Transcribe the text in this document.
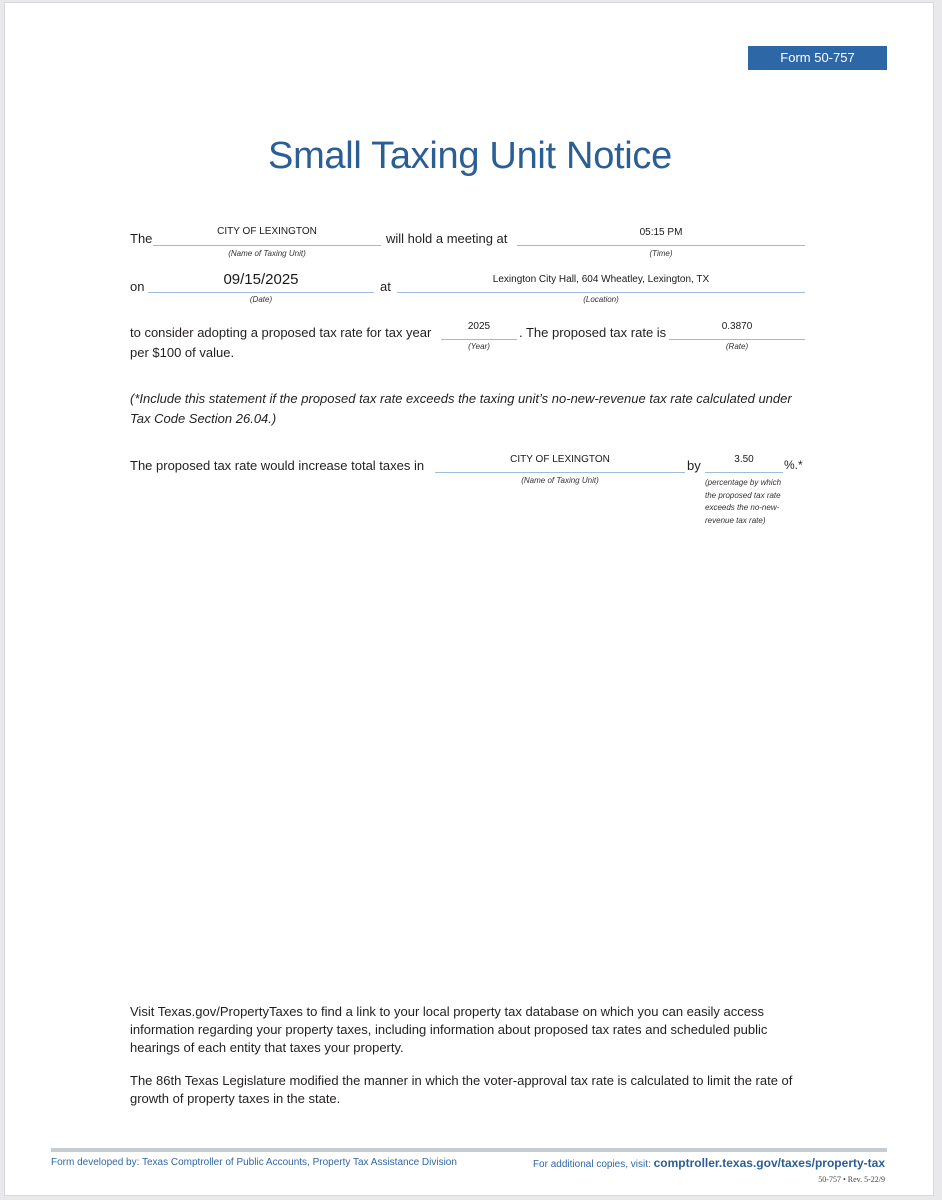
Form 50-757
Small Taxing Unit Notice
The	CITY OF LEXINGTON
(Name of Taxing Unit)
will hold a meeting at	05:15 PM
(Time)
on	09/15/2025
(Date)
at	Lexington City Hall, 604 Wheatley, Lexington, TX
(Location)
to consider adopting a proposed tax rate for tax year	2025
(Year)
. The proposed tax rate is	0.3870
(Rate)
per $100 of value.
(*Include this statement if the proposed tax rate exceeds the taxing unit’s no-new-revenue tax rate calculated under Tax Code Section 26.04.)
The proposed tax rate would increase total taxes in	CITY OF LEXINGTON
(Name of Taxing Unit)
by	3.50	%.*
(percentage by which the proposed tax rate exceeds the no-new-revenue tax rate)
Visit Texas.gov/PropertyTaxes to find a link to your local property tax database on which you can easily access information regarding your property taxes, including information about proposed tax rates and scheduled public hearings of each entity that taxes your property.
The 86th Texas Legislature modified the manner in which the voter-approval tax rate is calculated to limit the rate of growth of property taxes in the state.
Form developed by: Texas Comptroller of Public Accounts, Property Tax Assistance Division	For additional copies, visit: comptroller.texas.gov/taxes/property-tax
50-757 • Rev. 5-22/9
